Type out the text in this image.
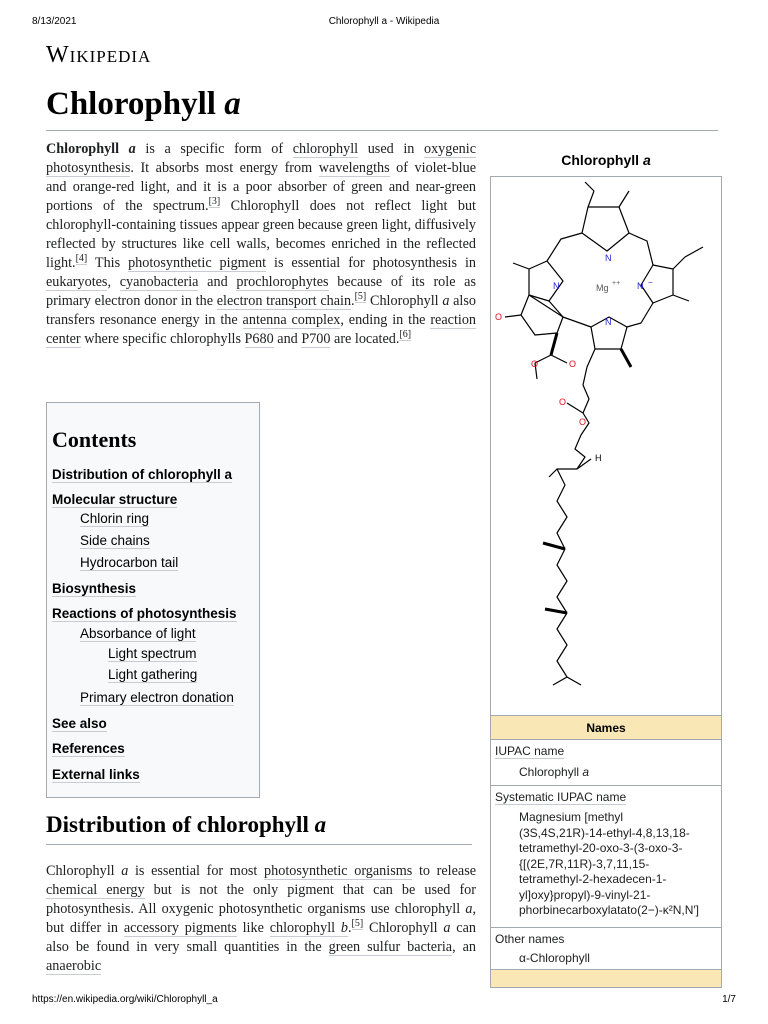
8/13/2021	Chlorophyll a - Wikipedia
Wikipedia
Chlorophyll a

Chlorophyll a is a specific form of chlorophyll used in oxygenic photosynthesis. It absorbs most energy from wavelengths of violet-blue and orange-red light, and it is a poor absorber of green and near-green portions of the spectrum.[3] Chlorophyll does not reflect light but chlorophyll-containing tissues appear green because green light, diffusively reflected by structures like cell walls, becomes enriched in the reflected light.[4] This photosynthetic pigment is essential for photosynthesis in eukaryotes, cyanobacteria and prochlorophytes because of its role as primary electron donor in the electron transport chain.[5] Chlorophyll a also transfers resonance energy in the antenna complex, ending in the reaction center where specific chlorophylls P680 and P700 are located.[6]

Contents
Distribution of chlorophyll a
Molecular structure
Chlorin ring
Side chains
Hydrocarbon tail
Biosynthesis
Reactions of photosynthesis
Absorbance of light
Light spectrum
Light gathering
Primary electron donation
See also
References
External links
Distribution of chlorophyll a

Chlorophyll a is essential for most photosynthetic organisms to release chemical energy but is not the only pigment that can be used for photosynthesis. All oxygenic photosynthetic organisms use chlorophyll a, but differ in accessory pigments like chlorophyll b.[5] Chlorophyll a can also be found in very small quantities in the green sulfur bacteria, an anaerobic

Chlorophyll a
N
N	N
N
Mg ++	−
O
O	O
O
O
H
Names
IUPAC name
Chlorophyll a
Systematic IUPAC name
Magnesium [methyl
(3S,4S,21R)-14-ethyl-4,8,13,18-
tetramethyl-20-oxo-3-(3-oxo-3-
{[(2E,7R,11R)-3,7,11,15-
tetramethyl-2-hexadecen-1-
yl]oxy}propyl)-9-vinyl-21-
phorbinecarboxylatato(2−)-κ²N,N′]
Other names
α-Chlorophyll
https://en.wikipedia.org/wiki/Chlorophyll_a	1/7
